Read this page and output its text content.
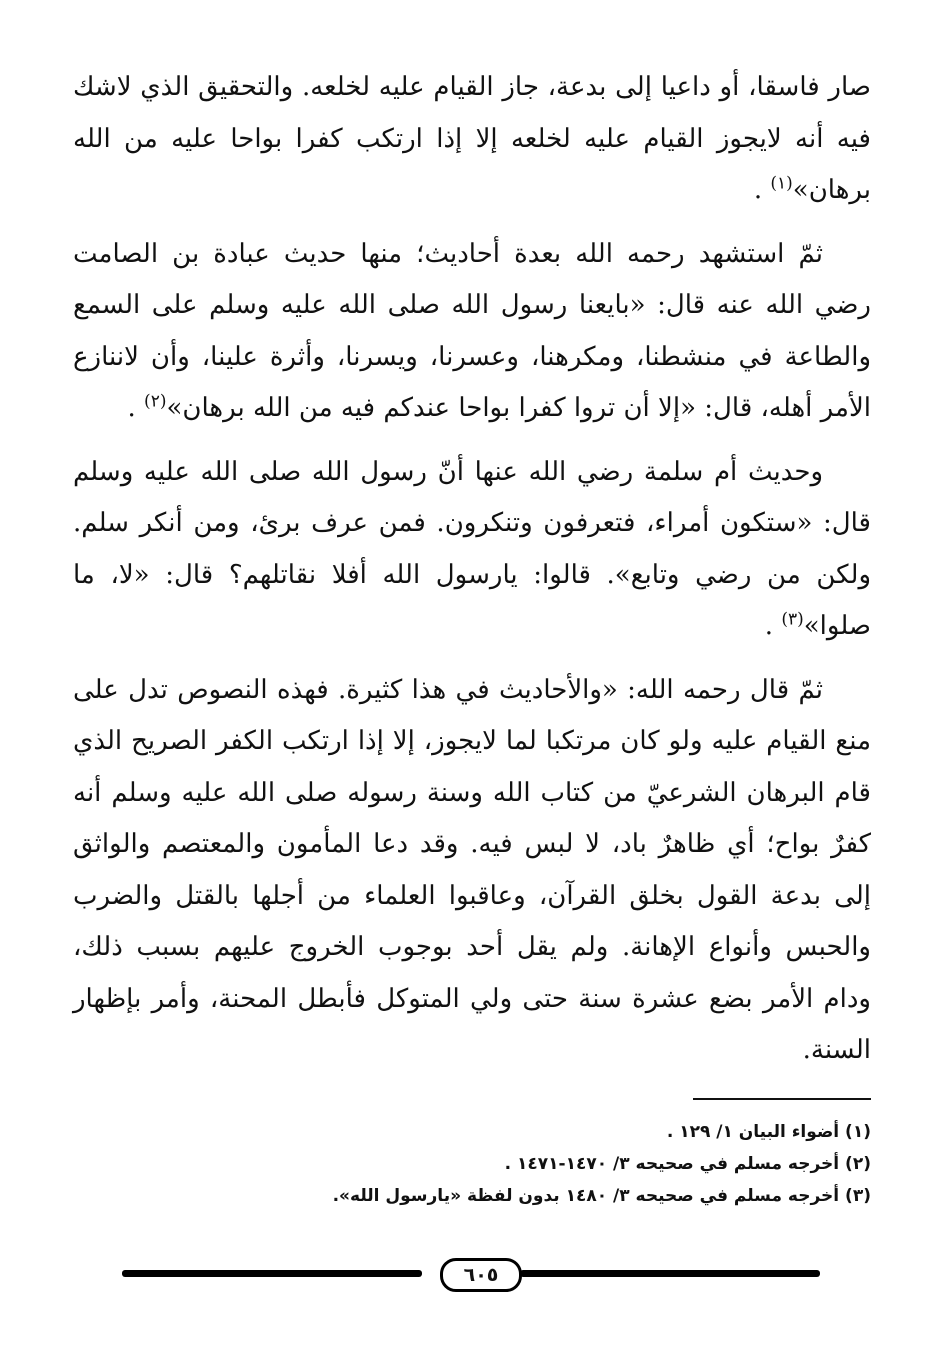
صار فاسقا، أو داعيا إلى بدعة، جاز القيام عليه لخلعه. والتحقيق الذي لاشك فيه أنه لايجوز القيام عليه لخلعه إلا إذا ارتكب كفرا بواحا عليه من الله برهان»$^{(١)}$ .

ثمّ استشهد رحمه الله بعدة أحاديث؛ منها حديث عبادة بن الصامت رضي الله عنه قال: «بايعنا رسول الله صلى الله عليه وسلم على السمع والطاعة في منشطنا، ومكرهنا، وعسرنا، ويسرنا، وأثرة علينا، وأن لاننازع الأمر أهله، قال: «إلا أن تروا كفرا بواحا عندكم فيه من الله برهان»$^{(٢)}$ .

وحديث أم سلمة رضي الله عنها أنّ رسول الله صلى الله عليه وسلم قال: «ستكون أمراء، فتعرفون وتنكرون. فمن عرف برئ، ومن أنكر سلم. ولكن من رضي وتابع». قالوا: يارسول الله أفلا نقاتلهم؟ قال: «لا، ما صلوا»$^{(٣)}$ .

ثمّ قال رحمه الله: «والأحاديث في هذا كثيرة. فهذه النصوص تدل على منع القيام عليه ولو كان مرتكبا لما لايجوز، إلا إذا ارتكب الكفر الصريح الذي قام البرهان الشرعيّ من كتاب الله وسنة رسوله صلى الله عليه وسلم أنه كفرٌ بواح؛ أي ظاهرٌ باد، لا لبس فيه. وقد دعا المأمون والمعتصم والواثق إلى بدعة القول بخلق القرآن، وعاقبوا العلماء من أجلها بالقتل والضرب والحبس وأنواع الإهانة. ولم يقل أحد بوجوب الخروج عليهم بسبب ذلك، ودام الأمر بضع عشرة سنة حتى ولي المتوكل فأبطل المحنة، وأمر بإظهار السنة.

(١) أضواء البيان ١/ ١٢٩ .
(٢) أخرجه مسلم في صحيحه ٣/ ١٤٧٠-١٤٧١ .
(٣) أخرجه مسلم في صحيحه ٣/ ١٤٨٠ بدون لفظة «يارسول الله».
٦٠٥
